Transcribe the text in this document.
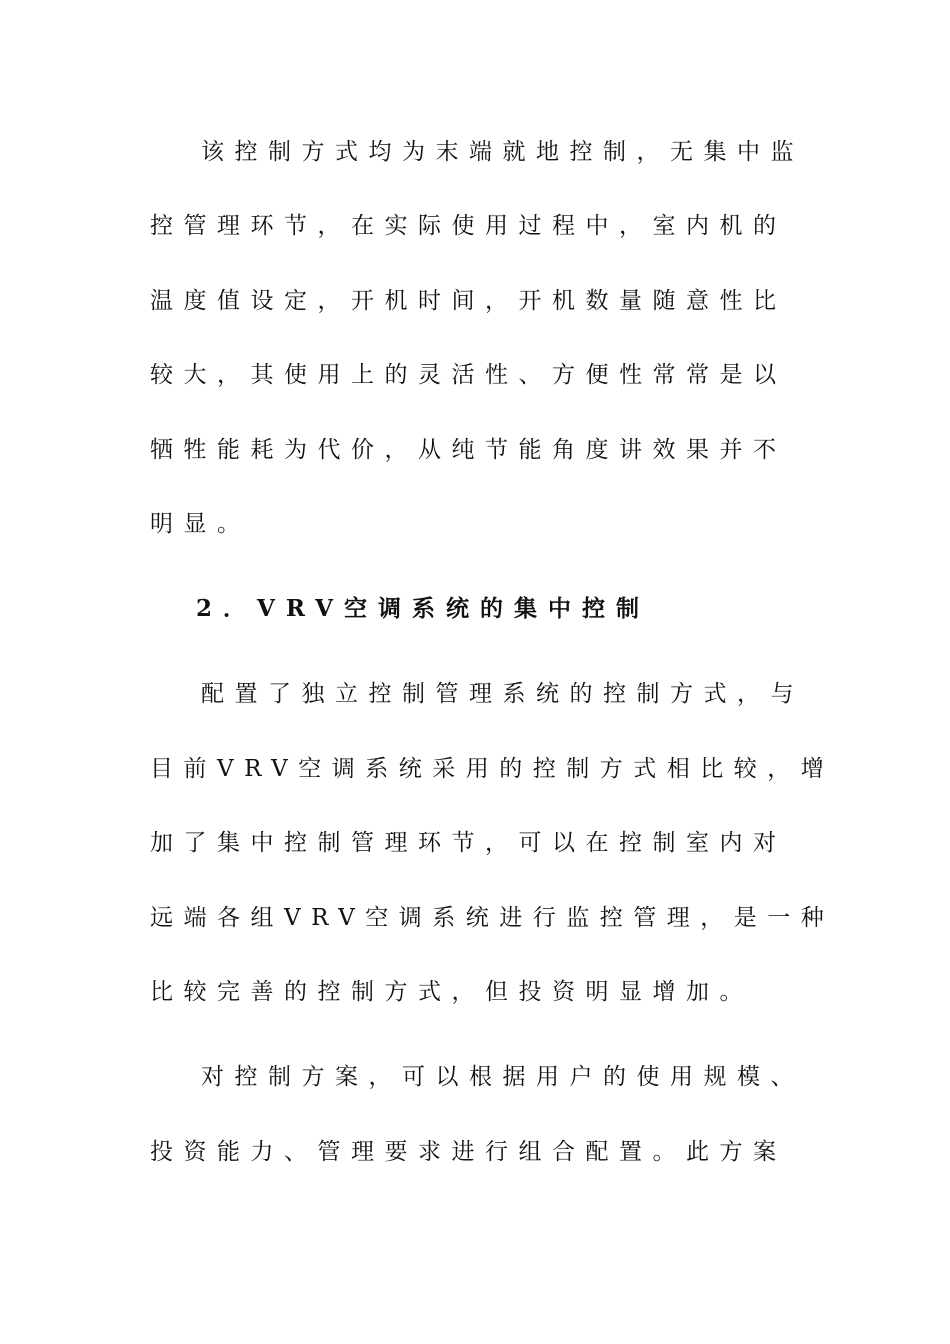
该控制方式均为末端就地控制，无集中监
控管理环节，在实际使用过程中，室内机的
温度值设定，开机时间，开机数量随意性比
较大，其使用上的灵活性、方便性常常是以
牺牲能耗为代价，从纯节能角度讲效果并不
明显。
2．VRV空调系统的集中控制
配置了独立控制管理系统的控制方式，与
目前VRV空调系统采用的控制方式相比较，增
加了集中控制管理环节，可以在控制室内对
远端各组VRV空调系统进行监控管理，是一种
比较完善的控制方式，但投资明显增加。
对控制方案，可以根据用户的使用规模、
投资能力、管理要求进行组合配置。此方案
